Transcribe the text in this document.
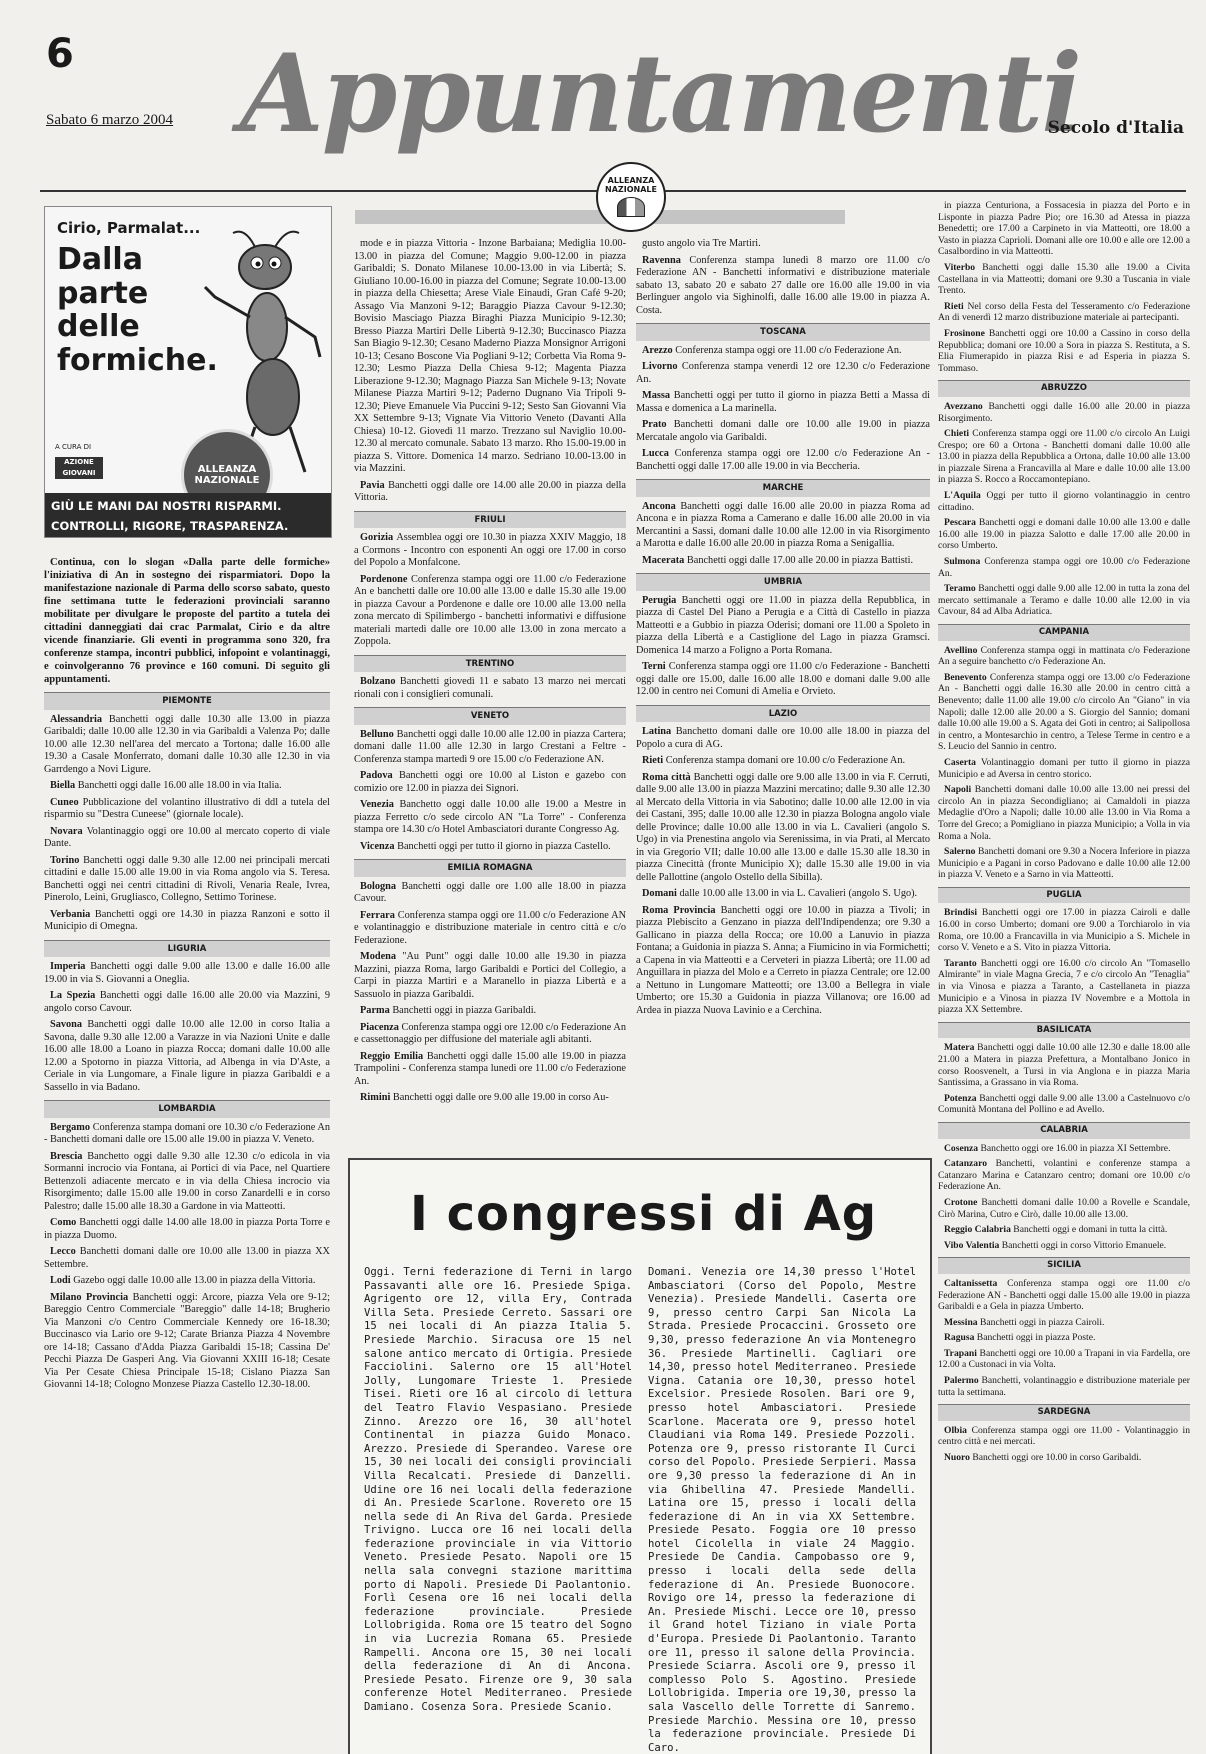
6
Sabato 6 marzo 2004 Appuntamenti
Secolo d'Italia
ALLEANZA
NAZIONALE
Cirio, Parmalat...
Dalla parte delle formiche.
A CURA DI
AZIONE GIOVANI	ALLEANZA NAZIONALE
GIÙ LE MANI DAI NOSTRI RISPARMI. CONTROLLI, RIGORE, TRASPARENZA.

Continua, con lo slogan «Dalla parte delle formiche» l'iniziativa di An in sostegno dei risparmiatori. Dopo la manifestazione nazionale di Parma dello scorso sabato, questo fine settimana tutte le federazioni provinciali saranno mobilitate per divulgare le proposte del partito a tutela dei cittadini danneggiati dai crac Parmalat, Cirio e da altre vicende finanziarie. Gli eventi in programma sono 320, fra conferenze stampa, incontri pubblici, infopoint e volantinaggi, e coinvolgeranno 76 province e 160 comuni. Di seguito gli appuntamenti.

PIEMONTE

Alessandria Banchetti oggi dalle 10.30 alle 13.00 in piazza Garibaldi; dalle 10.00 alle 12.30 in via Garibaldi a Valenza Po; dalle 10.00 alle 12.30 nell'area del mercato a Tortona; dalle 16.00 alle 19.30 a Casale Monferrato, domani dalle 10.30 alle 12.30 in via Garrdengo a Novi Ligure.

Biella Banchetti oggi dalle 16.00 alle 18.00 in via Italia.

Cuneo Pubblicazione del volantino illustrativo di ddl a tutela del risparmio su "Destra Cuneese" (giornale locale).

Novara Volantinaggio oggi ore 10.00 al mercato coperto di viale Dante.

Torino Banchetti oggi dalle 9.30 alle 12.00 nei principali mercati cittadini e dalle 15.00 alle 19.00 in via Roma angolo via S. Teresa. Banchetti oggi nei centri cittadini di Rivoli, Venaria Reale, Ivrea, Pinerolo, Leinì, Grugliasco, Collegno, Settimo Torinese.

Verbania Banchetti oggi ore 14.30 in piazza Ranzoni e sotto il Municipio di Omegna.

LIGURIA

Imperia Banchetti oggi dalle 9.00 alle 13.00 e dalle 16.00 alle 19.00 in via S. Giovanni a Oneglia.

La Spezia Banchetti oggi dalle 16.00 alle 20.00 via Mazzini, 9 angolo corso Cavour.

Savona Banchetti oggi dalle 10.00 alle 12.00 in corso Italia a Savona, dalle 9.30 alle 12.00 a Varazze in via Nazioni Unite e dalle 16.00 alle 18.00 a Loano in piazza Rocca; domani dalle 10.00 alle 12.00 a Spotorno in piazza Vittoria, ad Albenga in via D'Aste, a Ceriale in via Lungomare, a Finale ligure in piazza Garibaldi e a Sassello in via Badano.

LOMBARDIA

Bergamo Conferenza stampa domani ore 10.30 c/o Federazione An - Banchetti domani dalle ore 15.00 alle 19.00 in piazza V. Veneto.

Brescia Banchetto oggi dalle 9.30 alle 12.30 c/o edicola in via Sormanni incrocio via Fontana, ai Portici di via Pace, nel Quartiere Bettenzoli adiacente mercato e in via della Chiesa incrocio via Risorgimento; dalle 15.00 alle 19.00 in corso Zanardelli e in corso Palestro; dalle 15.00 alle 18.30 a Gardone in via Matteotti.

Como Banchetti oggi dalle 14.00 alle 18.00 in piazza Porta Torre e in piazza Duomo.

Lecco Banchetti domani dalle ore 10.00 alle 13.00 in piazza XX Settembre.

Lodi Gazebo oggi dalle 10.00 alle 13.00 in piazza della Vittoria.

Milano Provincia Banchetti oggi: Arcore, piazza Vela ore 9-12; Bareggio Centro Commerciale "Bareggio" dalle 14-18; Brugherio Via Manzoni c/o Centro Commerciale Kennedy ore 16-18.30; Buccinasco via Lario ore 9-12; Carate Brianza Piazza 4 Novembre ore 14-18; Cassano d'Adda Piazza Garibaldi 15-18; Cassina De' Pecchi Piazza De Gasperi Ang. Via Giovanni XXIII 16-18; Cesate Via Per Cesate Chiesa Principale 15-18; Cislano Piazza San Giovanni 14-18; Cologno Monzese Piazza Castello 12.30-18.00.

mode e in piazza Vittoria - Inzone Barbaiana; Mediglia 10.00-13.00 in piazza del Comune; Maggio 9.00-12.00 in piazza Garibaldi; S. Donato Milanese 10.00-13.00 in via Libertà; S. Giuliano 10.00-16.00 in piazza del Comune; Segrate 10.00-13.00 in piazza della Chiesetta; Arese Viale Einaudi, Gran Café 9-20; Assago Via Manzoni 9-12; Baraggio Piazza Cavour 9-12.30; Bovisio Masciago Piazza Biraghi Piazza Municipio 9-12.30; Bresso Piazza Martiri Delle Libertà 9-12.30; Buccinasco Piazza San Biagio 9-12.30; Cesano Maderno Piazza Monsignor Arrigoni 10-13; Cesano Boscone Via Pogliani 9-12; Corbetta Via Roma 9-12.30; Lesmo Piazza Della Chiesa 9-12; Magenta Piazza Liberazione 9-12.30; Magnago Piazza San Michele 9-13; Novate Milanese Piazza Martiri 9-12; Paderno Dugnano Via Tripoli 9-12.30; Pieve Emanuele Via Puccini 9-12; Sesto San Giovanni Via XX Settembre 9-13; Vignate Via Vittorio Veneto (Davanti Alla Chiesa) 10-12. Giovedì 11 marzo. Trezzano sul Naviglio 10.00-12.30 al mercato comunale. Sabato 13 marzo. Rho 15.00-19.00 in piazza S. Vittore. Domenica 14 marzo. Sedriano 10.00-13.00 in via Mazzini.

Pavia Banchetti oggi dalle ore 14.00 alle 20.00 in piazza della Vittoria.

FRIULI

Gorizia Assemblea oggi ore 10.30 in piazza XXIV Maggio, 18 a Cormons - Incontro con esponenti An oggi ore 17.00 in corso del Popolo a Monfalcone.

Pordenone Conferenza stampa oggi ore 11.00 c/o Federazione An e banchetti dalle ore 10.00 alle 13.00 e dalle 15.30 alle 19.00 in piazza Cavour a Pordenone e dalle ore 10.00 alle 13.00 nella zona mercato di Spilimbergo - banchetti informativi e diffusione materiali martedì dalle ore 10.00 alle 13.00 in zona mercato a Zoppola.

TRENTINO

Bolzano Banchetti giovedì 11 e sabato 13 marzo nei mercati rionali con i consiglieri comunali.

VENETO

Belluno Banchetti oggi dalle 10.00 alle 12.00 in piazza Cartera; domani dalle 11.00 alle 12.30 in largo Crestani a Feltre - Conferenza stampa martedì 9 ore 15.00 c/o Federazione AN.

Padova Banchetti oggi ore 10.00 al Liston e gazebo con comizio ore 12.00 in piazza dei Signori.

Venezia Banchetto oggi dalle 10.00 alle 19.00 a Mestre in piazza Ferretto c/o sede circolo AN "La Torre" - Conferenza stampa ore 14.30 c/o Hotel Ambasciatori durante Congresso Ag.

Vicenza Banchetti oggi per tutto il giorno in piazza Castello.

EMILIA ROMAGNA

Bologna Banchetti oggi dalle ore 1.00 alle 18.00 in piazza Cavour.

Ferrara Conferenza stampa oggi ore 11.00 c/o Federazione AN e volantinaggio e distribuzione materiale in centro città e c/o Federazione.

Modena "Au Punt" oggi dalle 10.00 alle 19.30 in piazza Mazzini, piazza Roma, largo Garibaldi e Portici del Collegio, a Carpi in piazza Martiri e a Maranello in piazza Libertà e a Sassuolo in piazza Garibaldi.

Parma Banchetti oggi in piazza Garibaldi.

Piacenza Conferenza stampa oggi ore 12.00 c/o Federazione An e cassettonaggio per diffusione del materiale agli abitanti.

Reggio Emilia Banchetti oggi dalle 15.00 alle 19.00 in piazza Trampolini - Conferenza stampa lunedì ore 11.00 c/o Federazione An.

Rimini Banchetti oggi dalle ore 9.00 alle 19.00 in corso Au-

gusto angolo via Tre Martiri.

Ravenna Conferenza stampa lunedì 8 marzo ore 11.00 c/o Federazione AN - Banchetti informativi e distribuzione materiale sabato 13, sabato 20 e sabato 27 dalle ore 16.00 alle 19.00 in via Berlinguer angolo via Sighinolfi, dalle 16.00 alle 19.00 in piazza A. Costa.

TOSCANA

Arezzo Conferenza stampa oggi ore 11.00 c/o Federazione An.

Livorno Conferenza stampa venerdì 12 ore 12.30 c/o Federazione An.

Massa Banchetti oggi per tutto il giorno in piazza Betti a Massa di Massa e domenica a La marinella.

Prato Banchetti domani dalle ore 10.00 alle 19.00 in piazza Mercatale angolo via Garibaldi.

Lucca Conferenza stampa oggi ore 12.00 c/o Federazione An - Banchetti oggi dalle 17.00 alle 19.00 in via Beccheria.

MARCHE

Ancona Banchetti oggi dalle 16.00 alle 20.00 in piazza Roma ad Ancona e in piazza Roma a Camerano e dalle 16.00 alle 20.00 in via Mercantini a Sassi, domani dalle 10.00 alle 12.00 in via Risorgimento a Marotta e dalle 16.00 alle 20.00 in piazza Roma a Senigallia.

Macerata Banchetti oggi dalle 17.00 alle 20.00 in piazza Battisti.

UMBRIA

Perugia Banchetti oggi ore 11.00 in piazza della Repubblica, in piazza di Castel Del Piano a Perugia e a Città di Castello in piazza Matteotti e a Gubbio in piazza Oderisi; domani ore 11.00 a Spoleto in piazza della Libertà e a Castiglione del Lago in piazza Gramsci. Domenica 14 marzo a Foligno a Porta Romana.

Terni Conferenza stampa oggi ore 11.00 c/o Federazione - Banchetti oggi dalle ore 15.00, dalle 16.00 alle 18.00 e domani dalle 9.00 alle 12.00 in centro nei Comuni di Amelia e Orvieto.

LAZIO

Latina Banchetto domani dalle ore 10.00 alle 18.00 in piazza del Popolo a cura di AG.

Rieti Conferenza stampa domani ore 10.00 c/o Federazione An.

Roma città Banchetti oggi dalle ore 9.00 alle 13.00 in via F. Cerruti, dalle 9.00 alle 13.00 in piazza Mazzini mercatino; dalle 9.30 alle 12.30 al Mercato della Vittoria in via Sabotino; dalle 10.00 alle 12.00 in via dei Castani, 395; dalle 10.00 alle 12.30 in piazza Bologna angolo viale delle Province; dalle 10.00 alle 13.00 in via L. Cavalieri (angolo S. Ugo) in via Prenestina angolo via Serenissima, in via Prati, al Mercato in via Gregorio VII; dalle 10.00 alle 13.00 e dalle 15.30 alle 18.30 in piazza Cinecittà (fronte Municipio X); dalle 15.30 alle 19.00 in via delle Pallottine (angolo Ostello della Sibilla).

Domani dalle 10.00 alle 13.00 in via L. Cavalieri (angolo S. Ugo).

Roma Provincia Banchetti oggi ore 10.00 in piazza a Tivoli; in piazza Plebiscito a Genzano in piazza dell'Indipendenza; ore 9.30 a Gallicano in piazza della Rocca; ore 10.00 a Lanuvio in piazza Fontana; a Guidonia in piazza S. Anna; a Fiumicino in via Formichetti; a Capena in via Matteotti e a Cerveteri in piazza Libertà; ore 11.00 ad Anguillara in piazza del Molo e a Cerreto in piazza Centrale; ore 12.00 a Nettuno in Lungomare Matteotti; ore 13.00 a Bellegra in viale Umberto; ore 15.30 a Guidonia in piazza Villanova; ore 16.00 ad Ardea in piazza Nuova Lavinio e a Cerchina.

in piazza Centuriona, a Fossacesia in piazza del Porto e in Lisponte in piazza Padre Pio; ore 16.30 ad Atessa in piazza Benedetti; ore 17.00 a Carpineto in via Matteotti, ore 18.00 a Vasto in piazza Caprioli. Domani alle ore 10.00 e alle ore 12.00 a Casalbordino in via Matteotti.

Viterbo Banchetti oggi dalle 15.30 alle 19.00 a Civita Castellana in via Matteotti; domani ore 9.30 a Tuscania in viale Trento.

Rieti Nel corso della Festa del Tesseramento c/o Federazione An di venerdì 12 marzo distribuzione materiale ai partecipanti.

Frosinone Banchetti oggi ore 10.00 a Cassino in corso della Repubblica; domani ore 10.00 a Sora in piazza S. Restituta, a S. Elia Fiumerapido in piazza Risi e ad Esperia in piazza S. Tommaso.

ABRUZZO

Avezzano Banchetti oggi dalle 16.00 alle 20.00 in piazza Risorgimento.

Chieti Conferenza stampa oggi ore 11.00 c/o circolo An Luigi Crespo; ore 60 a Ortona - Banchetti domani dalle 10.00 alle 13.00 in piazza della Repubblica a Ortona, dalle 10.00 alle 13.00 in piazzale Sirena a Francavilla al Mare e dalle 10.00 alle 13.00 in piazza S. Rocco a Roccamontepiano.

L'Aquila Oggi per tutto il giorno volantinaggio in centro cittadino.

Pescara Banchetti oggi e domani dalle 10.00 alle 13.00 e dalle 16.00 alle 19.00 in piazza Salotto e dalle 17.00 alle 20.00 in corso Umberto.

Sulmona Conferenza stampa oggi ore 10.00 c/o Federazione An.

Teramo Banchetti oggi dalle 9.00 alle 12.00 in tutta la zona del mercato settimanale a Teramo e dalle 10.00 alle 12.00 in via Cavour, 84 ad Alba Adriatica.

CAMPANIA

Avellino Conferenza stampa oggi in mattinata c/o Federazione An a seguire banchetto c/o Federazione An.

Benevento Conferenza stampa oggi ore 13.00 c/o Federazione An - Banchetti oggi dalle 16.30 alle 20.00 in centro città a Benevento; dalle 11.00 alle 19.00 c/o circolo An "Giano" in via Napoli; dalle 12.00 alle 20.00 a S. Giorgio del Sannio; domani dalle 10.00 alle 19.00 a S. Agata dei Goti in centro; ai Salipollosa in centro, a Montesarchio in centro, a Telese Terme in centro e a S. Leucio del Sannio in centro.

Caserta Volantinaggio domani per tutto il giorno in piazza Municipio e ad Aversa in centro storico.

Napoli Banchetti domani dalle 10.00 alle 13.00 nei pressi del circolo An in piazza Secondigliano; ai Camaldoli in piazza Medaglie d'Oro a Napoli; dalle 10.00 alle 13.00 in Via Roma a Torre del Greco; a Pomigliano in piazza Municipio; a Volla in via Roma a Nola.

Salerno Banchetti domani ore 9.30 a Nocera Inferiore in piazza Municipio e a Pagani in corso Padovano e dalle 10.00 alle 12.00 in piazza V. Veneto e a Sarno in via Matteotti.

PUGLIA

Brindisi Banchetti oggi ore 17.00 in piazza Cairoli e dalle 16.00 in corso Umberto; domani ore 9.00 a Torchiarolo in via Roma, ore 10.00 a Francavilla in via Municipio a S. Michele in corso V. Veneto e a S. Vito in piazza Vittoria.

Taranto Banchetti oggi ore 16.00 c/o circolo An "Tomasello Almirante" in viale Magna Grecia, 7 e c/o circolo An "Tenaglia" in via Vinosa e piazza a Taranto, a Castellaneta in piazza Municipio e a Vinosa in piazza IV Novembre e a Mottola in piazza XX Settembre.

BASILICATA

Matera Banchetti oggi dalle 10.00 alle 12.30 e dalle 18.00 alle 21.00 a Matera in piazza Prefettura, a Montalbano Jonico in corso Roosvenelt, a Tursi in via Anglona e in piazza Maria Santissima, a Grassano in via Roma.

Potenza Banchetti oggi dalle 9.00 alle 13.00 a Castelnuovo c/o Comunità Montana del Pollino e ad Avello.

CALABRIA

Cosenza Banchetto oggi ore 16.00 in piazza XI Settembre.

Catanzaro Banchetti, volantini e conferenze stampa a Catanzaro Marina e Catanzaro centro; domani ore 10.00 c/o Federazione An.

Crotone Banchetti domani dalle 10.00 a Rovelle e Scandale, Cirò Marina, Cutro e Cirò, dalle 10.00 alle 13.00.

Reggio Calabria Banchetti oggi e domani in tutta la città.

Vibo Valentia Banchetti oggi in corso Vittorio Emanuele.

SICILIA

Caltanissetta Conferenza stampa oggi ore 11.00 c/o Federazione AN - Banchetti oggi dalle 15.00 alle 19.00 in piazza Garibaldi e a Gela in piazza Umberto.

Messina Banchetti oggi in piazza Cairoli.

Ragusa Banchetti oggi in piazza Poste.

Trapani Banchetti oggi ore 10.00 a Trapani in via Fardella, ore 12.00 a Custonaci in via Volta.

Palermo Banchetti, volantinaggio e distribuzione materiale per tutta la settimana.

SARDEGNA

Olbia Conferenza stampa oggi ore 11.00 - Volantinaggio in centro città e nei mercati.

Nuoro Banchetti oggi ore 10.00 in corso Garibaldi.

I congressi di Ag
Oggi. Terni federazione di Terni in largo Passavanti alle ore 16. Presiede Spiga. Agrigento ore 12, villa Ery, Contrada Villa Seta. Presiede Cerreto. Sassari ore 15 nei locali di An piazza Italia 5. Presiede Marchio. Siracusa ore 15 nel salone antico mercato di Ortigia. Presiede Facciolini. Salerno ore 15 all'Hotel Jolly, Lungomare Trieste 1. Presiede Tisei. Rieti ore 16 al circolo di lettura del Teatro Flavio Vespasiano. Presiede Zinno. Arezzo ore 16, 30 all'hotel Continental in piazza Guido Monaco. Arezzo. Presiede di Sperandeo. Varese ore 15, 30 nei locali dei consigli provinciali Villa Recalcati. Presiede di Danzelli. Udine ore 16 nei locali della federazione di An. Presiede Scarlone. Rovereto ore 15 nella sede di An Riva del Garda. Presiede Trivigno. Lucca ore 16 nei locali della federazione provinciale in via Vittorio Veneto. Presiede Pesato. Napoli ore 15 nella sala convegni stazione marittima porto di Napoli. Presiede Di Paolantonio. Forlì Cesena ore 16 nei locali della federazione provinciale. Presiede Lollobrigida. Roma ore 15 teatro del Sogno in via Lucrezia Romana 65. Presiede Rampelli. Ancona ore 15, 30 nei locali della federazione di An di Ancona. Presiede Pesato. Firenze ore 9, 30 sala conferenze Hotel Mediterraneo. Presiede Damiano. Cosenza Sora. Presiede Scanio.
Domani. Venezia ore 14,30 presso l'Hotel Ambasciatori (Corso del Popolo, Mestre Venezia). Presiede Mandelli. Caserta ore 9, presso centro Carpi San Nicola La Strada. Presiede Procaccini. Grosseto ore 9,30, presso federazione An via Montenegro 36. Presiede Martinelli. Cagliari ore 14,30, presso hotel Mediterraneo. Presiede Vigna. Catania ore 10,30, presso hotel Excelsior. Presiede Rosolen. Bari ore 9, presso hotel Ambasciatori. Presiede Scarlone. Macerata ore 9, presso hotel Claudiani via Roma 149. Presiede Pozzoli. Potenza ore 9, presso ristorante Il Curci corso del Popolo. Presiede Serpieri. Massa ore 9,30 presso la federazione di An in via Ghibellina 47. Presiede Mandelli. Latina ore 15, presso i locali della federazione di An in via XX Settembre. Presiede Pesato. Foggia ore 10 presso hotel Cicolella in viale 24 Maggio. Presiede De Candia. Campobasso ore 9, presso i locali della sede della federazione di An. Presiede Buonocore. Rovigo ore 14, presso la federazione di An. Presiede Mischi. Lecce ore 10, presso il Grand hotel Tiziano in viale Porta d'Europa. Presiede Di Paolantonio. Taranto ore 11, presso il salone della Provincia. Presiede Sciarra. Ascoli ore 9, presso il complesso Polo S. Agostino. Presiede Lollobrigida. Imperia ore 19,30, presso la sala Vascello delle Torrette di Sanremo. Presiede Marchio. Messina ore 10, presso la federazione provinciale. Presiede Di Caro.
